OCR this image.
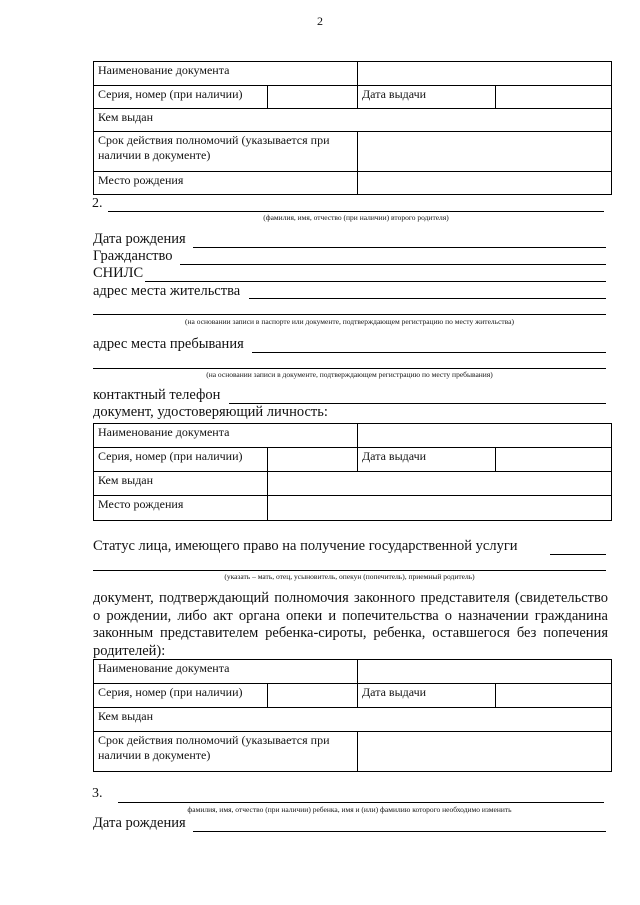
2
Наименование документа			
Серия, номер (при наличии)		Дата выдачи	
Кем выдан			
Срок действия полномочий (указывается при наличии в документе)			
Место рождения			
2.
(фамилия, имя, отчество (при наличии) второго родителя)
Дата рождения
Гражданство
СНИЛС
адрес места жительства
(на основании записи в паспорте или документе, подтверждающем регистрацию по месту жительства)
адрес места пребывания
(на основании записи в документе, подтверждающем регистрацию по месту пребывания)
контактный телефон
документ, удостоверяющий личность:
Наименование документа			
Серия, номер (при наличии)		Дата выдачи	
Кем выдан			
Место рождения			
Статус лица, имеющего право на получение государственной услуги
(указать – мать, отец, усыновитель, опекун (попечитель), приемный родитель)
документ, подтверждающий полномочия законного представителя (свидетельство о рождении, либо акт органа опеки и попечительства о назначении гражданина законным представителем ребенка-сироты, ребенка, оставшегося без попечения родителей):
Наименование документа			
Серия, номер (при наличии)		Дата выдачи	
Кем выдан			
Срок действия полномочий (указывается при наличии в документе)			
3.
фамилия, имя, отчество (при наличии) ребенка, имя и (или) фамилию которого необходимо изменить
Дата рождения
